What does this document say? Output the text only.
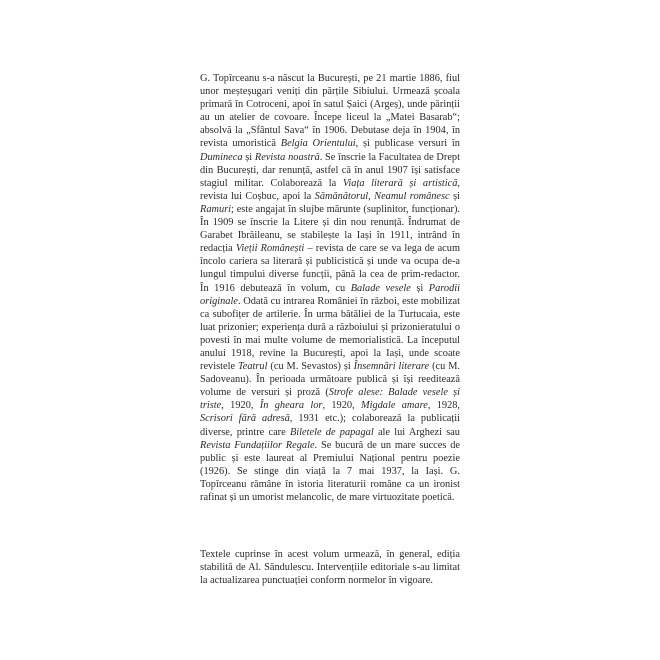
G. Topîrceanu s-a născut la București, pe 21 martie 1886, fiul unor meșteșugari veniți din părțile Sibiului. Urmează școala primară în Cotroceni, apoi în satul Șaici (Argeș), unde părinții au un atelier de covoare. Începe liceul la „Matei Basarab“; absolvă la „Sfântul Sava“ în 1906. Debutase deja în 1904, în revista umoristică Belgia Orientului, și publicase versuri în Dumineca și Revista noastră. Se înscrie la Facultatea de Drept din București, dar renunță, astfel că în anul 1907 își satisface stagiul militar. Colaborează la Viața literară și artistică, revista lui Coșbuc, apoi la Sămănătorul, Neamul românesc și Ramuri; este angajat în slujbe mărunte (suplinitor, funcționar). În 1909 se înscrie la Litere și din nou renunță. Îndrumat de Garabet Ibrăileanu, se stabilește la Iași în 1911, intrând în redacția Vieții Românești – revista de care se va lega de acum încolo cariera sa literară și publicistică și unde va ocupa de-a lungul timpului diverse funcții, până la cea de prim-redactor. În 1916 debutează în volum, cu Balade vesele și Parodii originale. Odată cu intrarea României în război, este mobilizat ca subofițer de artilerie. În urma bătăliei de la Turtucaia, este luat prizonier; experiența dură a războiului și prizonieratului o povesti în mai multe volume de memorialistică. La începutul anului 1918, revine la București, apoi la Iași, unde scoate revistele Teatrul (cu M. Sevastos) și Însemnări literare (cu M. Sadoveanu). În perioada următoare publică și își reeditează volume de versuri și proză (Strofe alese: Balade vesele și triste, 1920, În gheara lor, 1920, Migdale amare, 1928, Scrisori fără adresă, 1931 etc.); colaborează la publicații diverse, printre care Biletele de papagal ale lui Arghezi sau Revista Fundațiilor Regale. Se bucură de un mare succes de public și este laureat al Premiului Național pentru poezie (1926). Se stinge din viață la 7 mai 1937, la Iași. G. Topîrceanu rămâne în istoria literaturii române ca un ironist rafinat și un umorist melancolic, de mare virtuozitate poetică.

Textele cuprinse în acest volum urmează, în general, ediția stabilită de Al. Săndulescu. Intervențiile editoriale s-au limitat la actualizarea punctuației conform normelor în vigoare.
